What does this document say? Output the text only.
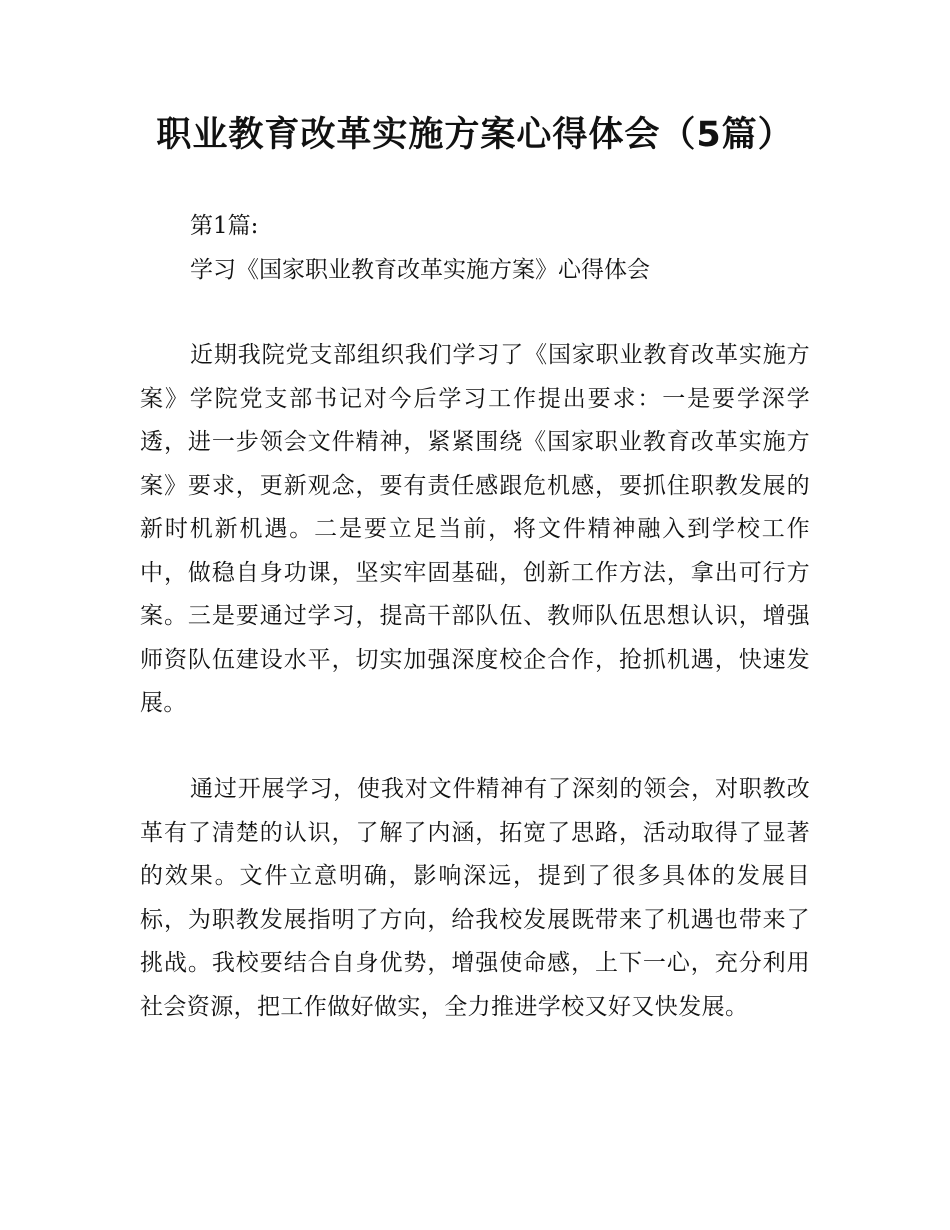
职业教育改革实施方案心得体会（5篇）

第1篇:

学习《国家职业教育改革实施方案》心得体会

近期我院党支部组织我们学习了《国家职业教育改革实施方案》学院党支部书记对今后学习工作提出要求：一是要学深学透，进一步领会文件精神，紧紧围绕《国家职业教育改革实施方案》要求，更新观念，要有责任感跟危机感，要抓住职教发展的新时机新机遇。二是要立足当前，将文件精神融入到学校工作中，做稳自身功课，坚实牢固基础，创新工作方法，拿出可行方案。三是要通过学习，提高干部队伍、教师队伍思想认识，增强师资队伍建设水平，切实加强深度校企合作，抢抓机遇，快速发展。

通过开展学习，使我对文件精神有了深刻的领会，对职教改革有了清楚的认识，了解了内涵，拓宽了思路，活动取得了显著的效果。文件立意明确，影响深远，提到了很多具体的发展目标，为职教发展指明了方向，给我校发展既带来了机遇也带来了挑战。我校要结合自身优势，增强使命感，上下一心，充分利用社会资源，把工作做好做实，全力推进学校又好又快发展。
